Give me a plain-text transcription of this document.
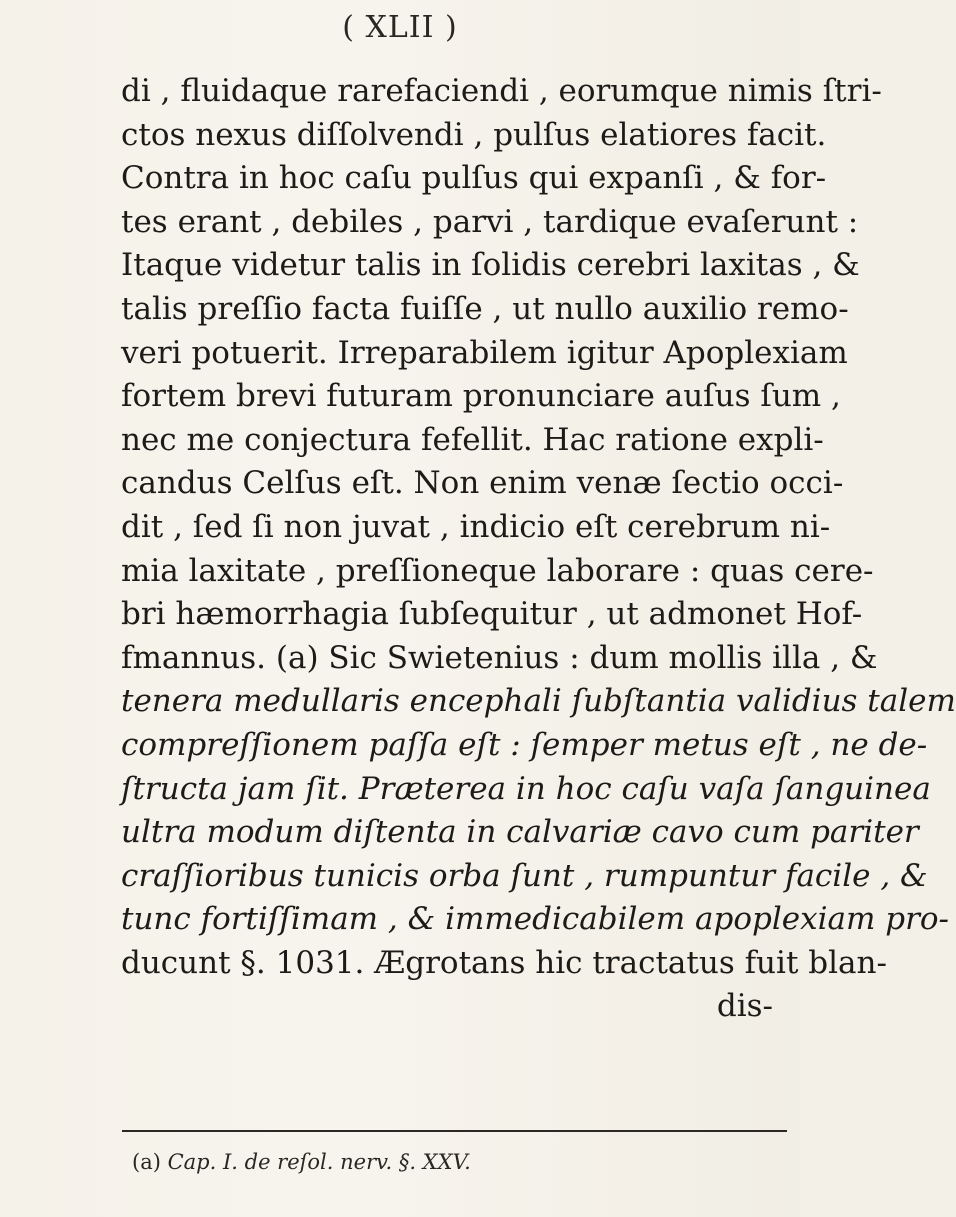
( XLII )
di , fluidaque rarefaciendi , eorumque nimis ſtri-
ctos nexus diſſolvendi , pulſus elatiores facit.
Contra in hoc caſu pulſus qui expanſi , & for-
tes erant , debiles , parvi , tardique evaſerunt :
Itaque videtur talis in ſolidis cerebri laxitas , &
talis preſſio facta fuiſſe , ut nullo auxilio remo-
veri potuerit. Irreparabilem igitur Apoplexiam
fortem brevi futuram pronunciare auſus ſum ,
nec me conjectura fefellit. Hac ratione expli-
candus Celſus eſt. Non enim venæ ſectio occi-
dit , ſed ſi non juvat , indicio eſt cerebrum ni-
mia laxitate , preſſioneque laborare : quas cere-
bri hæmorrhagia ſubſequitur , ut admonet Hof-
fmannus. (a) Sic Swietenius : dum mollis illa , &
tenera medullaris encephali ſubſtantia validius talem
compreſſionem paſſa eſt : ſemper metus eſt , ne de-
ſtructa jam ſit. Præterea in hoc caſu vaſa ſanguinea
ultra modum diſtenta in calvariæ cavo cum pariter
craſſioribus tunicis orba ſunt , rumpuntur facile , &
tunc fortiſſimam , & immedicabilem apoplexiam pro-
ducunt §. 1031. Ægrotans hic tractatus fuit blan-
dis-
(a) Cap. I. de reſol. nerv. §. XXV.
